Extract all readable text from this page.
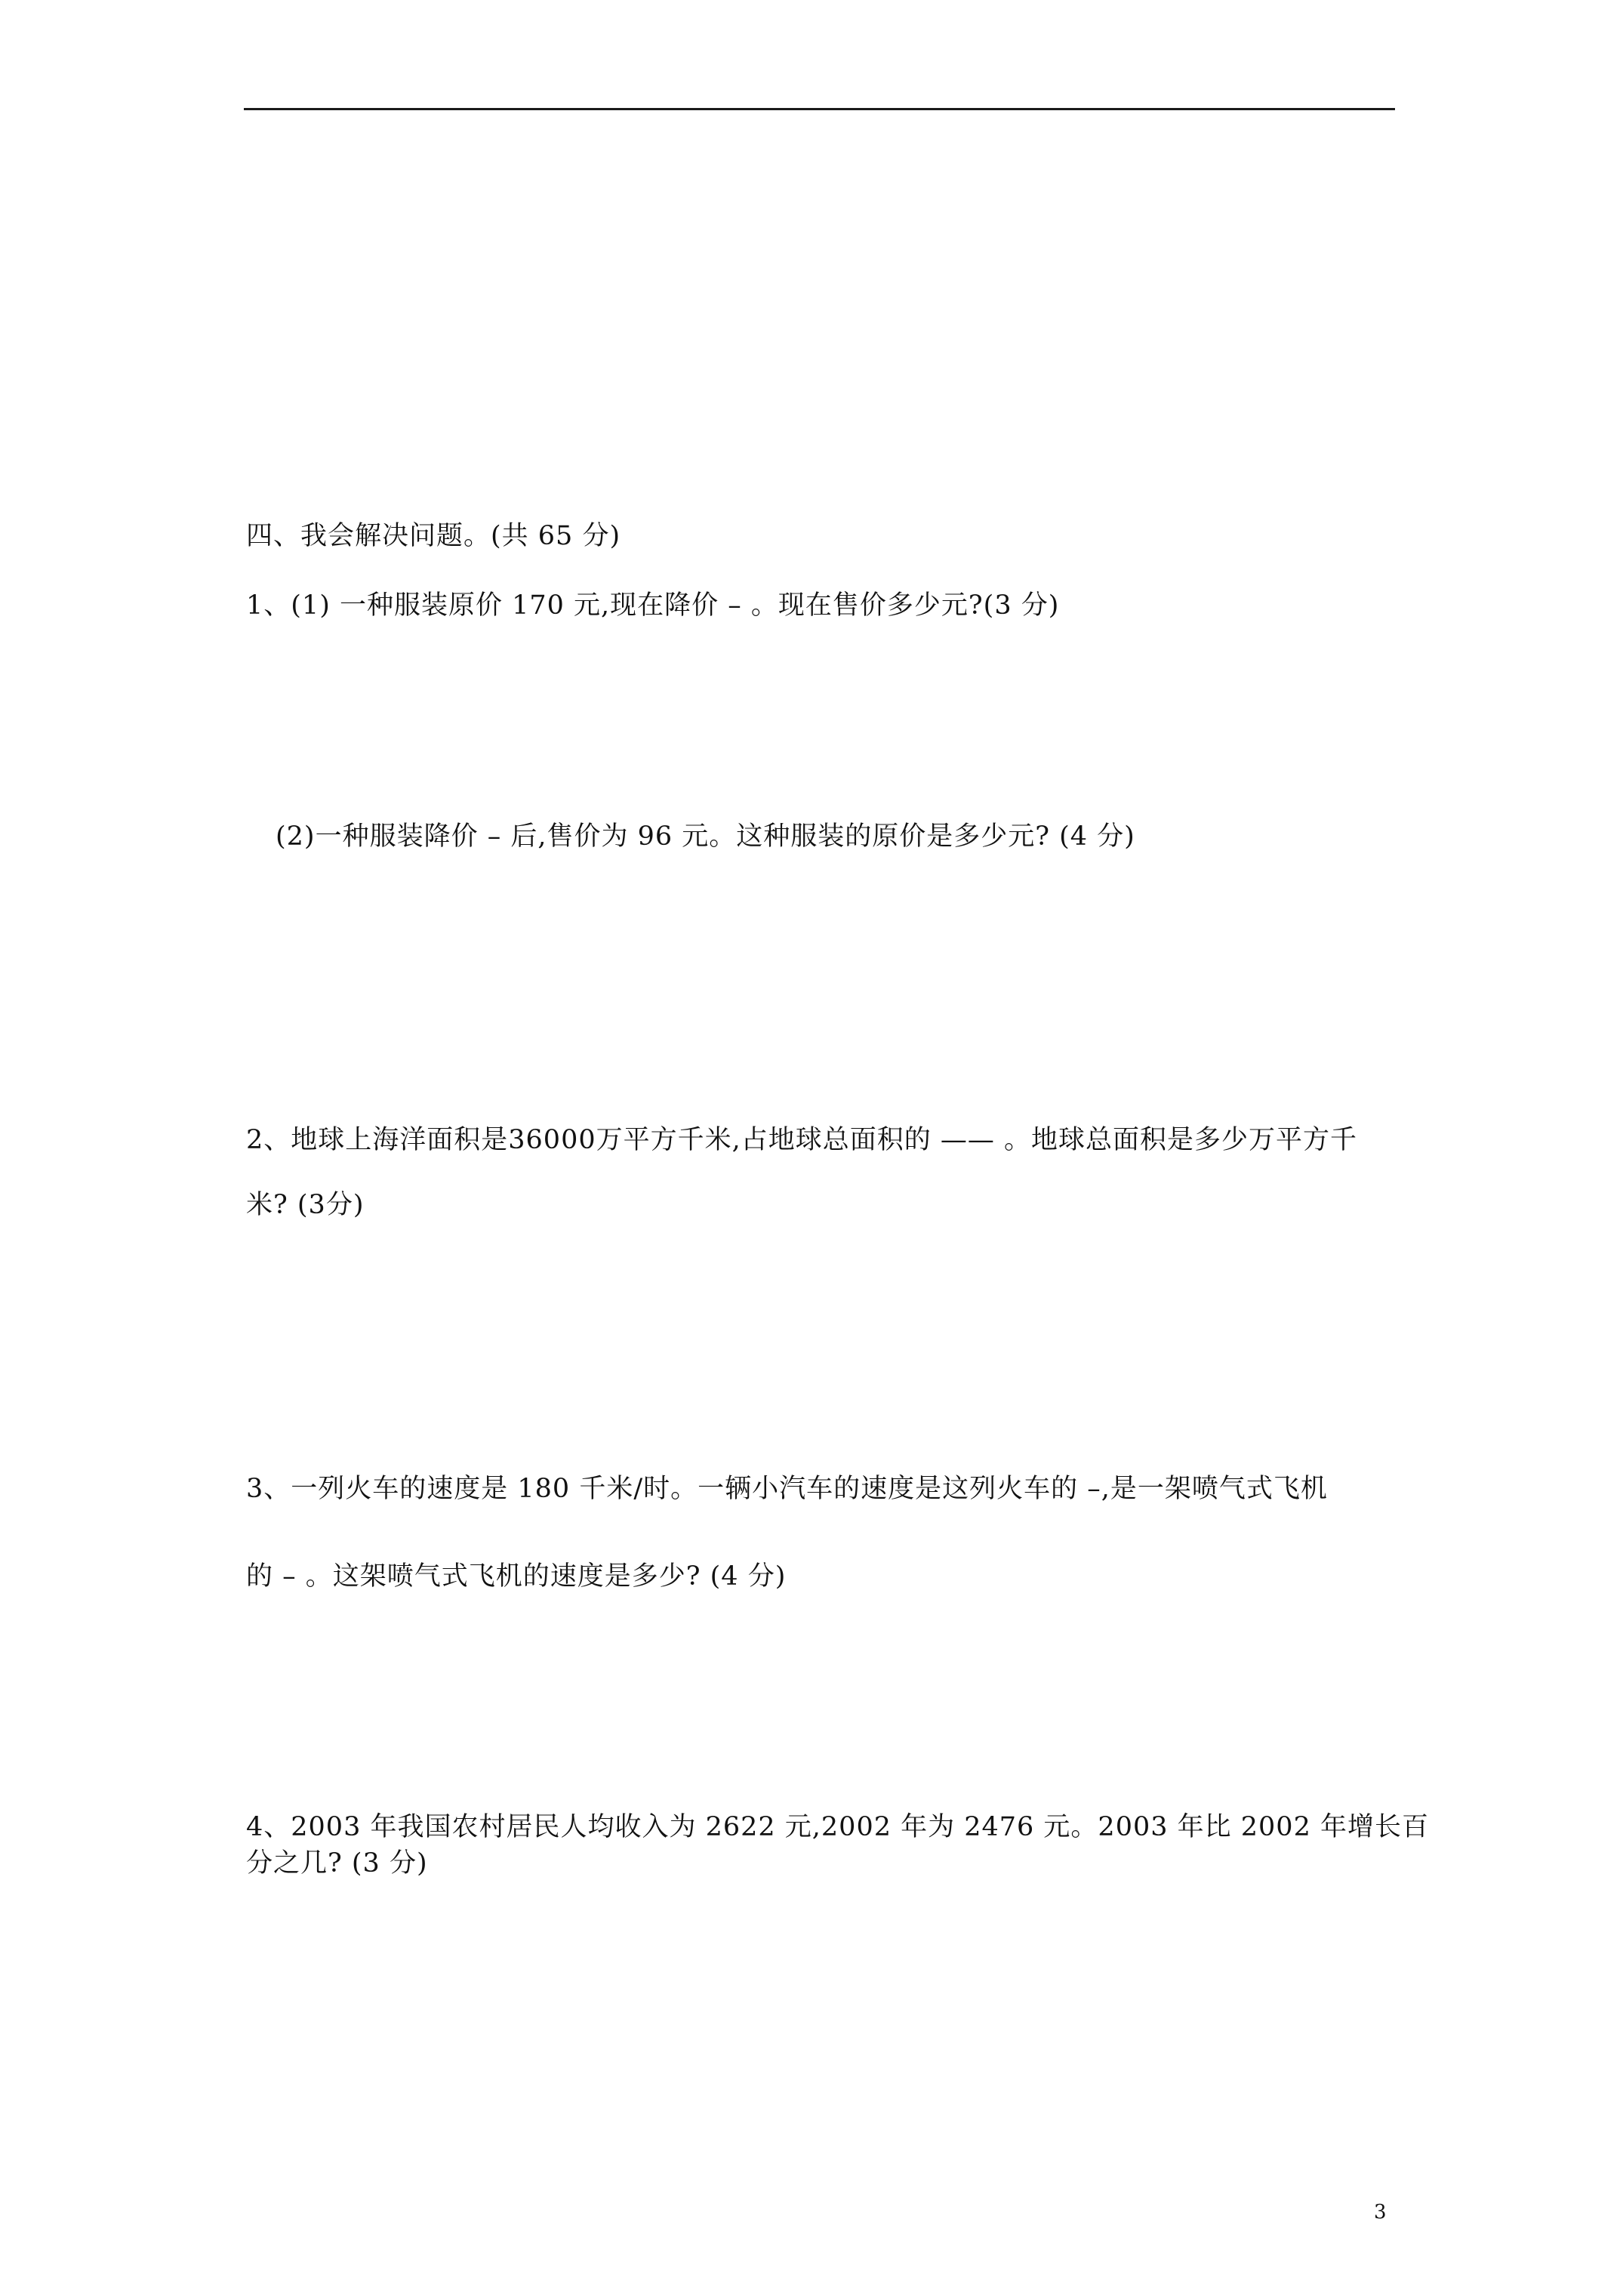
四、我会解决问题。(共 65 分)
1、(1) 一种服装原价 170 元,现在降价 – 。现在售价多少元?(3 分)
(2)一种服装降价 – 后,售价为 96 元。这种服装的原价是多少元? (4 分)
2、地球上海洋面积是36000万平方千米,占地球总面积的 —— 。地球总面积是多少万平方千
米? (3分)
3、一列火车的速度是 180 千米/时。一辆小汽车的速度是这列火车的 –,是一架喷气式飞机
的 – 。这架喷气式飞机的速度是多少? (4 分)
4、2003 年我国农村居民人均收入为 2622 元,2002 年为 2476 元。2003 年比 2002 年增长百
分之几? (3 分)
3
